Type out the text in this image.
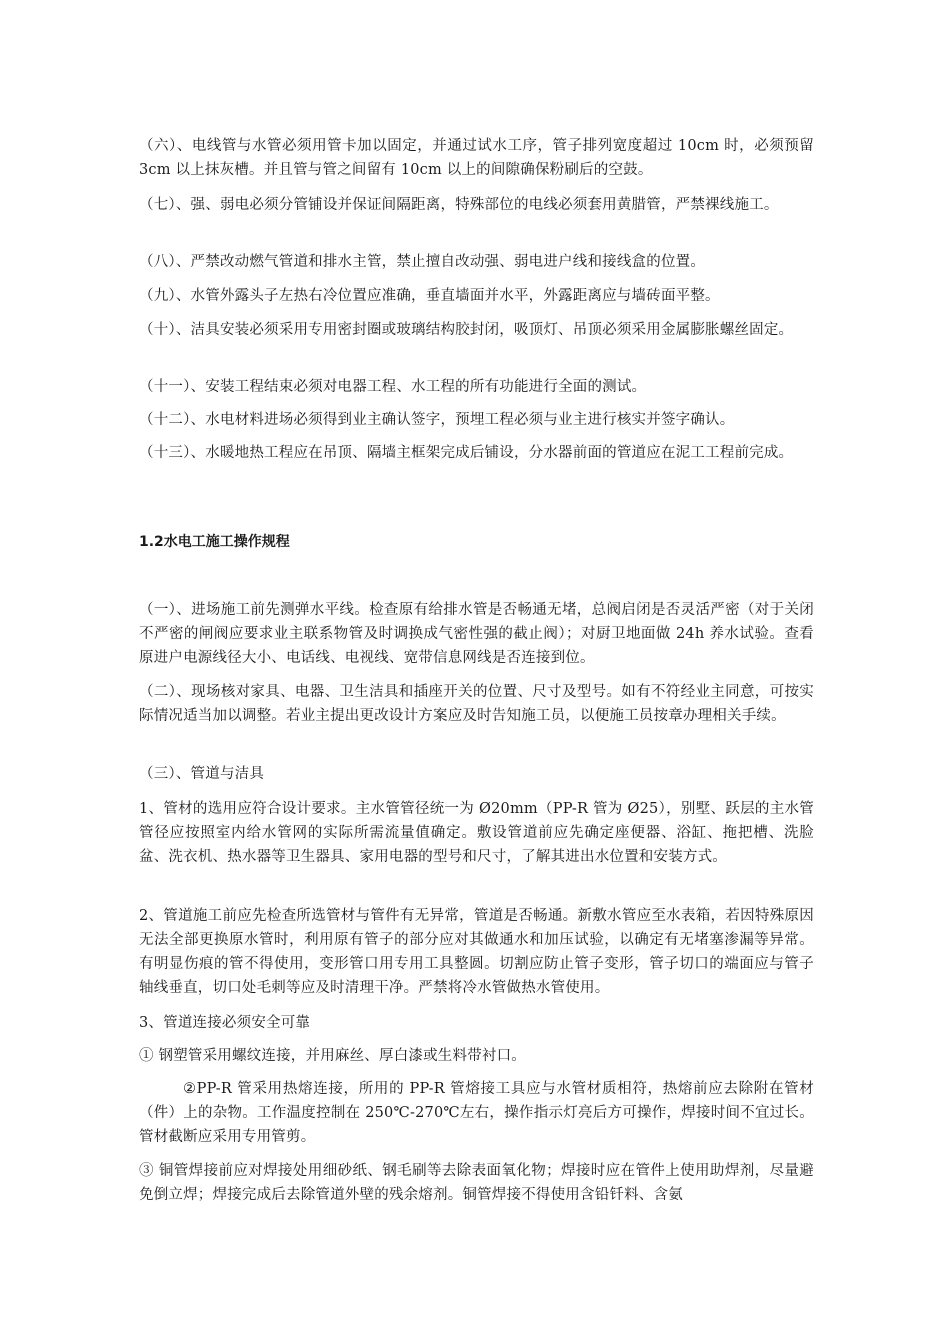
（六）、电线管与水管必须用管卡加以固定，并通过试水工序，管子排列宽度超过 10cm 时，必须预留 3cm 以上抹灰槽。并且管与管之间留有 10cm 以上的间隙确保粉刷后的空鼓。

（七）、强、弱电必须分管铺设并保证间隔距离，特殊部位的电线必须套用黄腊管，严禁裸线施工。

（八）、严禁改动燃气管道和排水主管，禁止擅自改动强、弱电进户线和接线盒的位置。

（九）、水管外露头子左热右冷位置应准确，垂直墙面并水平，外露距离应与墙砖面平整。

（十）、洁具安装必须采用专用密封圈或玻璃结构胶封闭，吸顶灯、吊顶必须采用金属膨胀螺丝固定。

（十一）、安装工程结束必须对电器工程、水工程的所有功能进行全面的测试。

（十二）、水电材料进场必须得到业主确认签字，预埋工程必须与业主进行核实并签字确认。

（十三）、水暖地热工程应在吊顶、隔墙主框架完成后铺设，分水器前面的管道应在泥工工程前完成。

1.2水电工施工操作规程

（一）、进场施工前先测弹水平线。检查原有给排水管是否畅通无堵，总阀启闭是否灵活严密（对于关闭不严密的闸阀应要求业主联系物管及时调换成气密性强的截止阀）；对厨卫地面做 24h 养水试验。查看原进户电源线径大小、电话线、电视线、宽带信息网线是否连接到位。

（二）、现场核对家具、电器、卫生洁具和插座开关的位置、尺寸及型号。如有不符经业主同意，可按实际情况适当加以调整。若业主提出更改设计方案应及时告知施工员，以便施工员按章办理相关手续。

（三）、管道与洁具

1、管材的选用应符合设计要求。主水管管径统一为 Ø20mm（PP-R 管为 Ø25），别墅、跃层的主水管管径应按照室内给水管网的实际所需流量值确定。敷设管道前应先确定座便器、浴缸、拖把槽、洗脸盆、洗衣机、热水器等卫生器具、家用电器的型号和尺寸，了解其进出水位置和安装方式。

2、管道施工前应先检查所选管材与管件有无异常，管道是否畅通。新敷水管应至水表箱，若因特殊原因无法全部更换原水管时，利用原有管子的部分应对其做通水和加压试验，以确定有无堵塞渗漏等异常。有明显伤痕的管不得使用，变形管口用专用工具整圆。切割应防止管子变形，管子切口的端面应与管子轴线垂直，切口处毛刺等应及时清理干净。严禁将冷水管做热水管使用。

3、管道连接必须安全可靠

① 钢塑管采用螺纹连接，并用麻丝、厚白漆或生料带衬口。

②PP-R 管采用热熔连接，所用的 PP-R 管熔接工具应与水管材质相符，热熔前应去除附在管材（件）上的杂物。工作温度控制在 250℃-270℃左右，操作指示灯亮后方可操作，焊接时间不宜过长。管材截断应采用专用管剪。

③ 铜管焊接前应对焊接处用细砂纸、钢毛刷等去除表面氧化物；焊接时应在管件上使用助焊剂，尽量避免倒立焊；焊接完成后去除管道外壁的残余熔剂。铜管焊接不得使用含铅钎料、含氨
